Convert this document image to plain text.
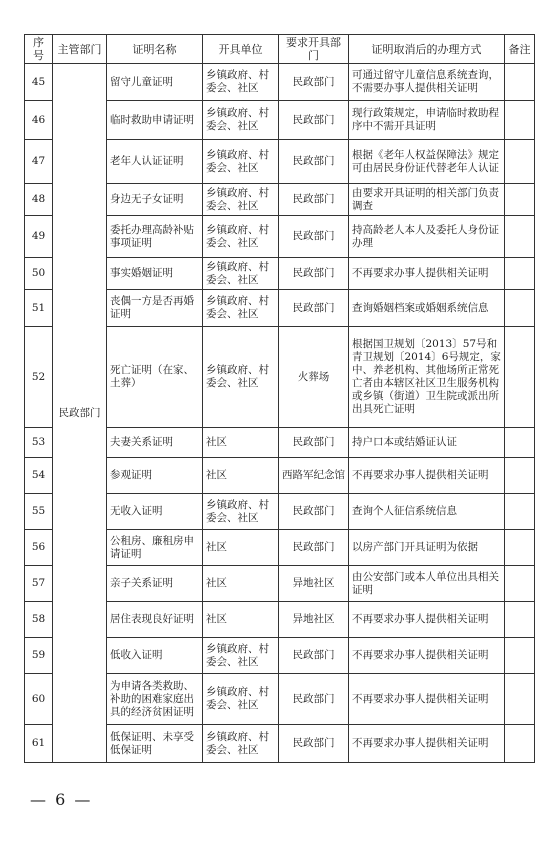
序号	主管部门	证明名称	开具单位	要求开具部门	证明取消后的办理方式	备注
45	民政部门	留守儿童证明	乡镇政府、村委会、社区	民政部门	可通过留守儿童信息系统查询，不需要办事人提供相关证明	
46		临时救助申请证明	乡镇政府、村委会、社区	民政部门	现行政策规定，申请临时救助程序中不需开具证明	
47		老年人认证证明	乡镇政府、村委会、社区	民政部门	根据《老年人权益保障法》规定可由居民身份证代替老年人认证	
48		身边无子女证明	乡镇政府、村委会、社区	民政部门	由要求开具证明的相关部门负责调查	
49		委托办理高龄补贴事项证明	乡镇政府、村委会、社区	民政部门	持高龄老人本人及委托人身份证办理	
50		事实婚姻证明	乡镇政府、村委会、社区	民政部门	不再要求办事人提供相关证明	
51		丧偶一方是否再婚证明	乡镇政府、村委会、社区	民政部门	查询婚姻档案或婚姻系统信息	
52		死亡证明（在家、土葬）	乡镇政府、村委会、社区	火葬场	根据国卫规划〔2013〕57号和青卫规划〔2014〕6号规定，家中、养老机构、其他场所正常死亡者由本辖区社区卫生服务机构或乡镇（街道）卫生院或派出所出具死亡证明	
53		夫妻关系证明	社区	民政部门	持户口本或结婚证认证	
54		参观证明	社区	西路军纪念馆	不再要求办事人提供相关证明	
55		无收入证明	乡镇政府、村委会、社区	民政部门	查询个人征信系统信息	
56		公租房、廉租房申请证明	社区	民政部门	以房产部门开具证明为依据	
57		亲子关系证明	社区	异地社区	由公安部门或本人单位出具相关证明	
58		居住表现良好证明	社区	异地社区	不再要求办事人提供相关证明	
59		低收入证明	乡镇政府、村委会、社区	民政部门	不再要求办事人提供相关证明	
60		为申请各类救助、补助的困难家庭出具的经济贫困证明	乡镇政府、村委会、社区	民政部门	不再要求办事人提供相关证明	
61		低保证明、未享受低保证明	乡镇政府、村委会、社区	民政部门	不再要求办事人提供相关证明	
— 6 —
